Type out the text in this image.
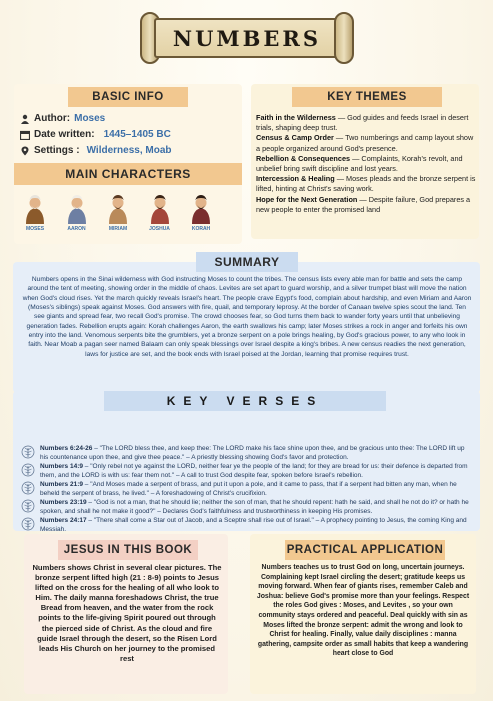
NUMBERS
BASIC INFO
Author: Moses
Date written: 1445–1405 BC
Settings : Wilderness, Moab
MAIN CHARACTERS
MOSES	AARON	MIRIAM	JOSHUA	KORAH
KEY THEMES
Faith in the Wilderness — God guides and feeds Israel in desert trials, shaping deep trust.
Census & Camp Order — Two numberings and camp layout show a people organized around God's presence.
Rebellion & Consequences — Complaints, Korah's revolt, and unbelief bring swift discipline and lost years.
Intercession & Healing — Moses pleads and the bronze serpent is lifted, hinting at Christ's saving work.
Hope for the Next Generation — Despite failure, God prepares a new people to enter the promised land
SUMMARY
Numbers opens in the Sinai wilderness with God instructing Moses to count the tribes. The census lists every able man for battle and sets the camp around the tent of meeting, showing order in the middle of chaos. Levites are set apart to guard worship, and a silver trumpet blast will move the nation when God's cloud rises. Yet the march quickly reveals Israel's heart. The people crave Egypt's food, complain about hardship, and even Miriam and Aaron (Moses's siblings) speak against Moses. God answers with fire, quail, and temporary leprosy. At the border of Canaan twelve spies scout the land. Ten see giants and spread fear, two recall God's promise. The crowd chooses fear, so God turns them back to wander forty years until that unbelieving generation fades. Rebellion erupts again: Korah challenges Aaron, the earth swallows his camp; later Moses strikes a rock in anger and forfeits his own entry into the land. Venomous serpents bite the grumblers, yet a bronze serpent on a pole brings healing, by God's gracious power, to any who look in faith. Near Moab a pagan seer named Balaam can only speak blessings over Israel despite a king's bribes. A new census readies the next generation, laws for justice are set, and the book ends with Israel poised at the Jordan, learning that promise requires trust.
KEY VERSES
Numbers 6:24-26 – "The LORD bless thee, and keep thee: The LORD make his face shine upon thee, and be gracious unto thee: The LORD lift up his countenance upon thee, and give thee peace." – A priestly blessing showing God's favor and protection.
Numbers 14:9 – "Only rebel not ye against the LORD, neither fear ye the people of the land; for they are bread for us: their defence is departed from them, and the LORD is with us: fear them not." – A call to trust God despite fear, spoken before Israel's rebellion.
Numbers 21:9 – "And Moses made a serpent of brass, and put it upon a pole, and it came to pass, that if a serpent had bitten any man, when he beheld the serpent of brass, he lived." – A foreshadowing of Christ's crucifixion.
Numbers 23:19 – "God is not a man, that he should lie; neither the son of man, that he should repent: hath he said, and shall he not do it? or hath he spoken, and shall he not make it good?" – Declares God's faithfulness and trustworthiness in keeping His promises.
Numbers 24:17 – "There shall come a Star out of Jacob, and a Sceptre shall rise out of Israel." – A prophecy pointing to Jesus, the coming King and Messiah.
JESUS IN THIS BOOK
Numbers shows Christ in several clear pictures. The bronze serpent lifted high (21 : 8-9) points to Jesus lifted on the cross for the healing of all who look to Him. The daily manna foreshadows Christ, the true Bread from heaven, and the water from the rock points to the life-giving Spirit poured out through the pierced side of Christ. As the cloud and fire guide Israel through the desert, so the Risen Lord leads His Church on her journey to the promised rest
PRACTICAL APPLICATION
Numbers teaches us to trust God on long, uncertain journeys. Complaining kept Israel circling the desert; gratitude keeps us moving forward. When fear of giants rises, remember Caleb and Joshua: believe God's promise more than your feelings. Respect the roles God gives : Moses, and Levites , so your own community stays ordered and peaceful. Deal quickly with sin as Moses lifted the bronze serpent: admit the wrong and look to Christ for healing. Finally, value daily disciplines : manna gathering, campsite order as small habits that keep a wandering heart close to God
